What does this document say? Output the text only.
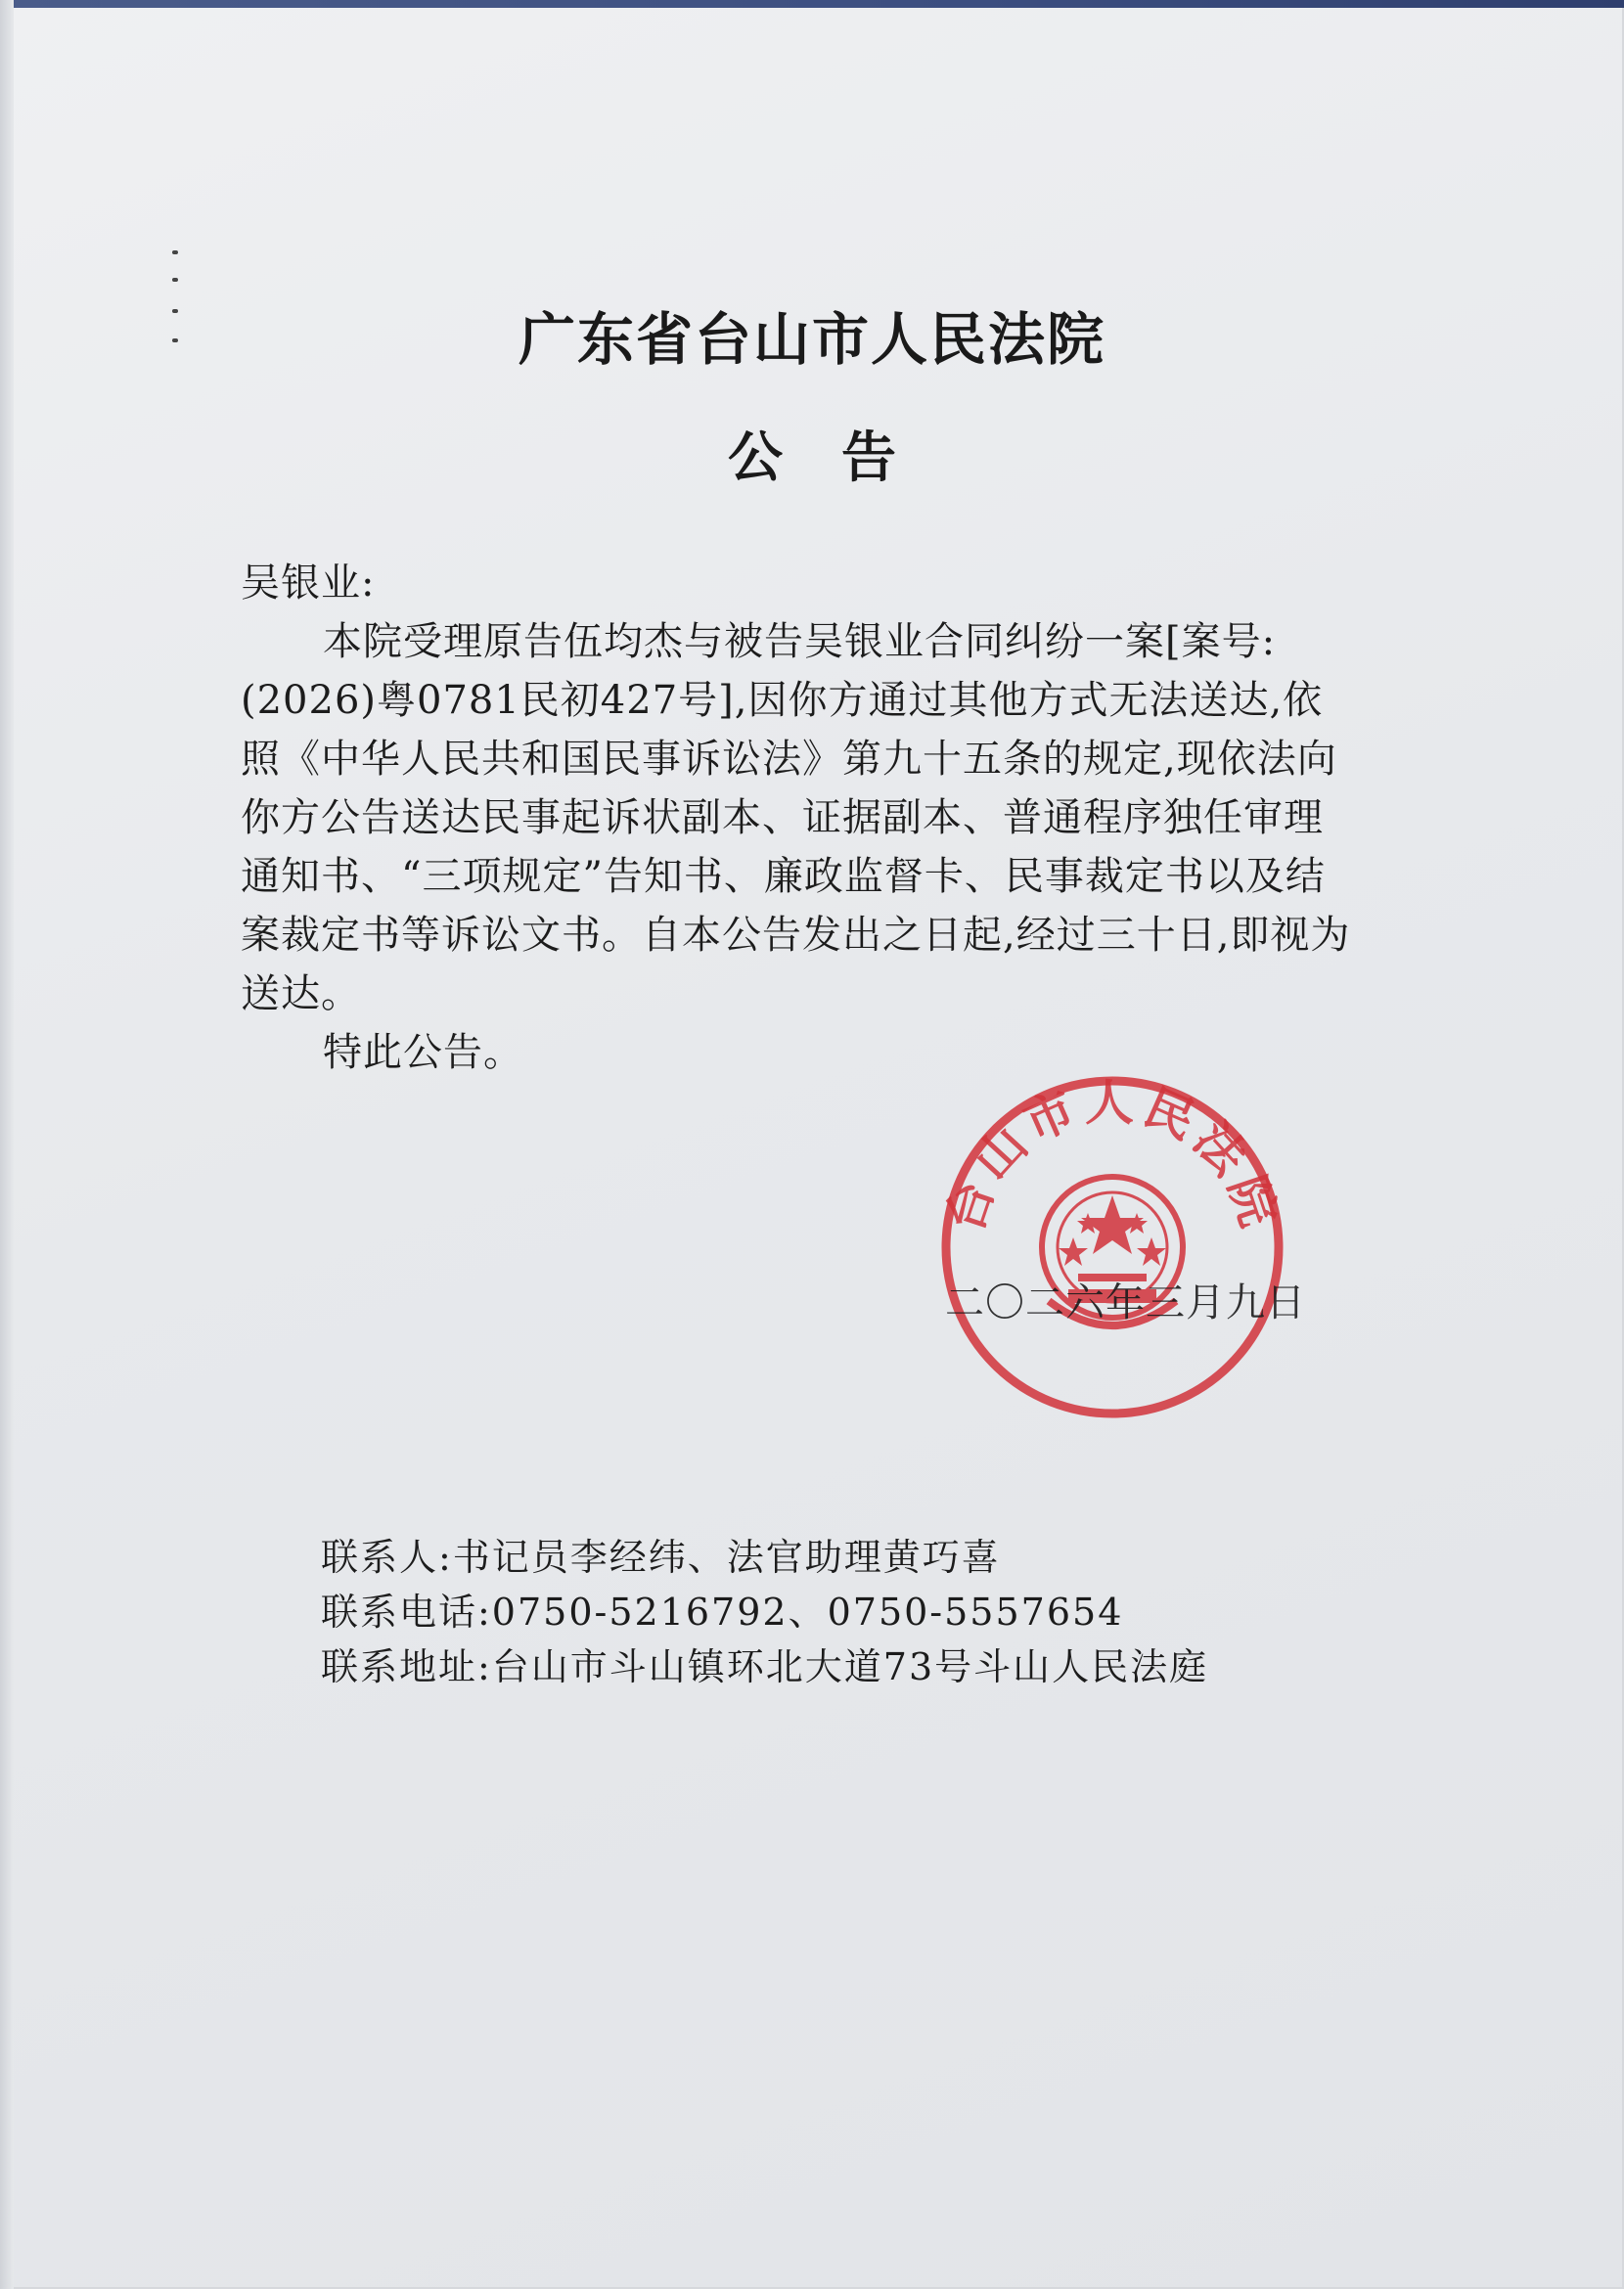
广东省台山市人民法院
公告

吴银业:

本院受理原告伍均杰与被告吴银业合同纠纷一案[案号:(2026)粤0781民初427号],因你方通过其他方式无法送达,依照《中华人民共和国民事诉讼法》第九十五条的规定,现依法向你方公告送达民事起诉状副本、证据副本、普通程序独任审理通知书、“三项规定”告知书、廉政监督卡、民事裁定书以及结案裁定书等诉讼文书。自本公告发出之日起,经过三十日,即视为送达。

特此公告。

台山市人民法院
二〇二六年三月九日

联系人:书记员李经纬、法官助理黄巧喜

联系电话:0750-5216792、0750-5557654

联系地址:台山市斗山镇环北大道73号斗山人民法庭
